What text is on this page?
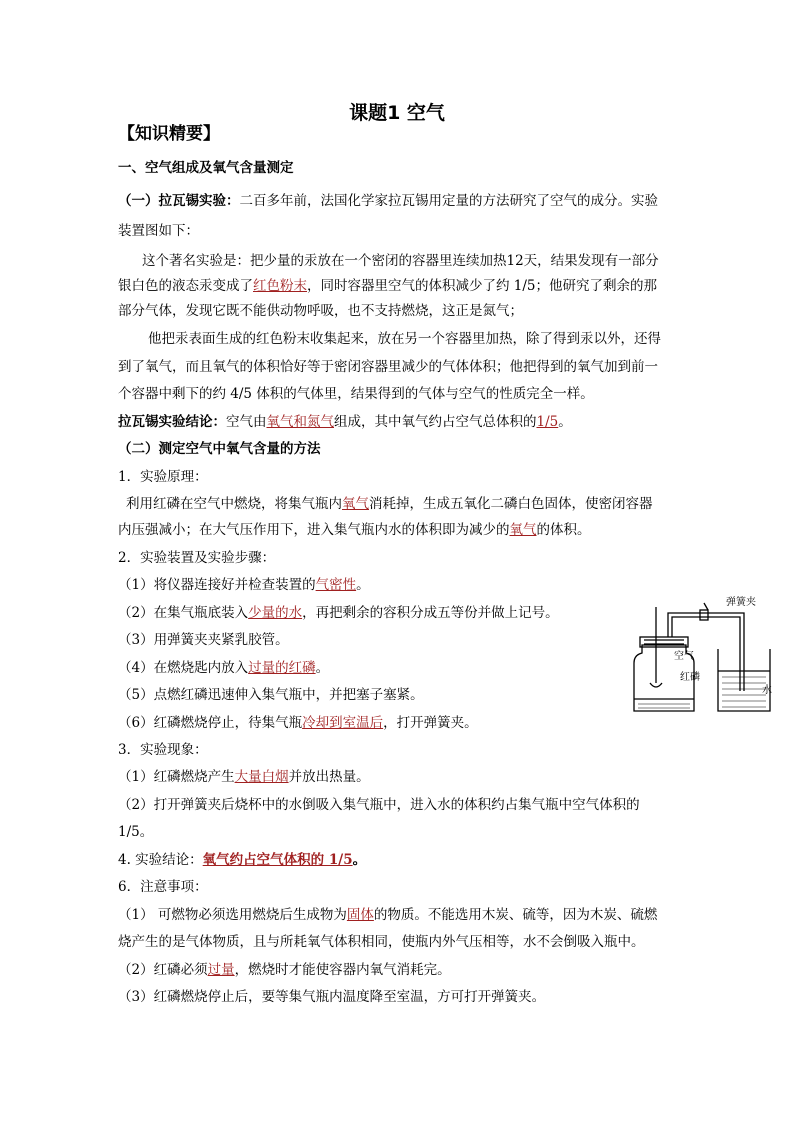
课题1 空气
【知识精要】
一、空气组成及氧气含量测定
（一）拉瓦锡实验：二百多年前，法国化学家拉瓦锡用定量的方法研究了空气的成分。实验
装置图如下：
这个著名实验是：把少量的汞放在一个密闭的容器里连续加热12天，结果发现有一部分
银白色的液态汞变成了红色粉末，同时容器里空气的体积减少了约 1/5；他研究了剩余的那
部分气体，发现它既不能供动物呼吸，也不支持燃烧，这正是氮气；
他把汞表面生成的红色粉末收集起来，放在另一个容器里加热，除了得到汞以外，还得
到了氧气，而且氧气的体积恰好等于密闭容器里减少的气体体积；他把得到的氧气加到前一
个容器中剩下的约 4/5 体积的气体里，结果得到的气体与空气的性质完全一样。
拉瓦锡实验结论：空气由氧气和氮气组成，其中氧气约占空气总体积的1/5。
（二）测定空气中氧气含量的方法
1．实验原理：
利用红磷在空气中燃烧，将集气瓶内氧气消耗掉，生成五氧化二磷白色固体，使密闭容器
内压强减小；在大气压作用下，进入集气瓶内水的体积即为减少的氧气的体积。
2．实验装置及实验步骤：
（1）将仪器连接好并检查装置的气密性。
（2）在集气瓶底装入少量的水，再把剩余的容积分成五等份并做上记号。
（3）用弹簧夹夹紧乳胶管。
（4）在燃烧匙内放入过量的红磷。
（5）点燃红磷迅速伸入集气瓶中，并把塞子塞紧。
（6）红磷燃烧停止，待集气瓶冷却到室温后，打开弹簧夹。
3．实验现象：
（1）红磷燃烧产生大量白烟并放出热量。
（2）打开弹簧夹后烧杯中的水倒吸入集气瓶中，进入水的体积约占集气瓶中空气体积的
1/5。
4. 实验结论：氧气约占空气体积的 1/5。
6．注意事项：
（1） 可燃物必须选用燃烧后生成物为固体的物质。不能选用木炭、硫等，因为木炭、硫燃
烧产生的是气体物质，且与所耗氧气体积相同，使瓶内外气压相等，水不会倒吸入瓶中。
（2）红磷必须过量，燃烧时才能使容器内氧气消耗完。
（3）红磷燃烧停止后，要等集气瓶内温度降至室温，方可打开弹簧夹。
弹簧夹
空气
红磷
水
